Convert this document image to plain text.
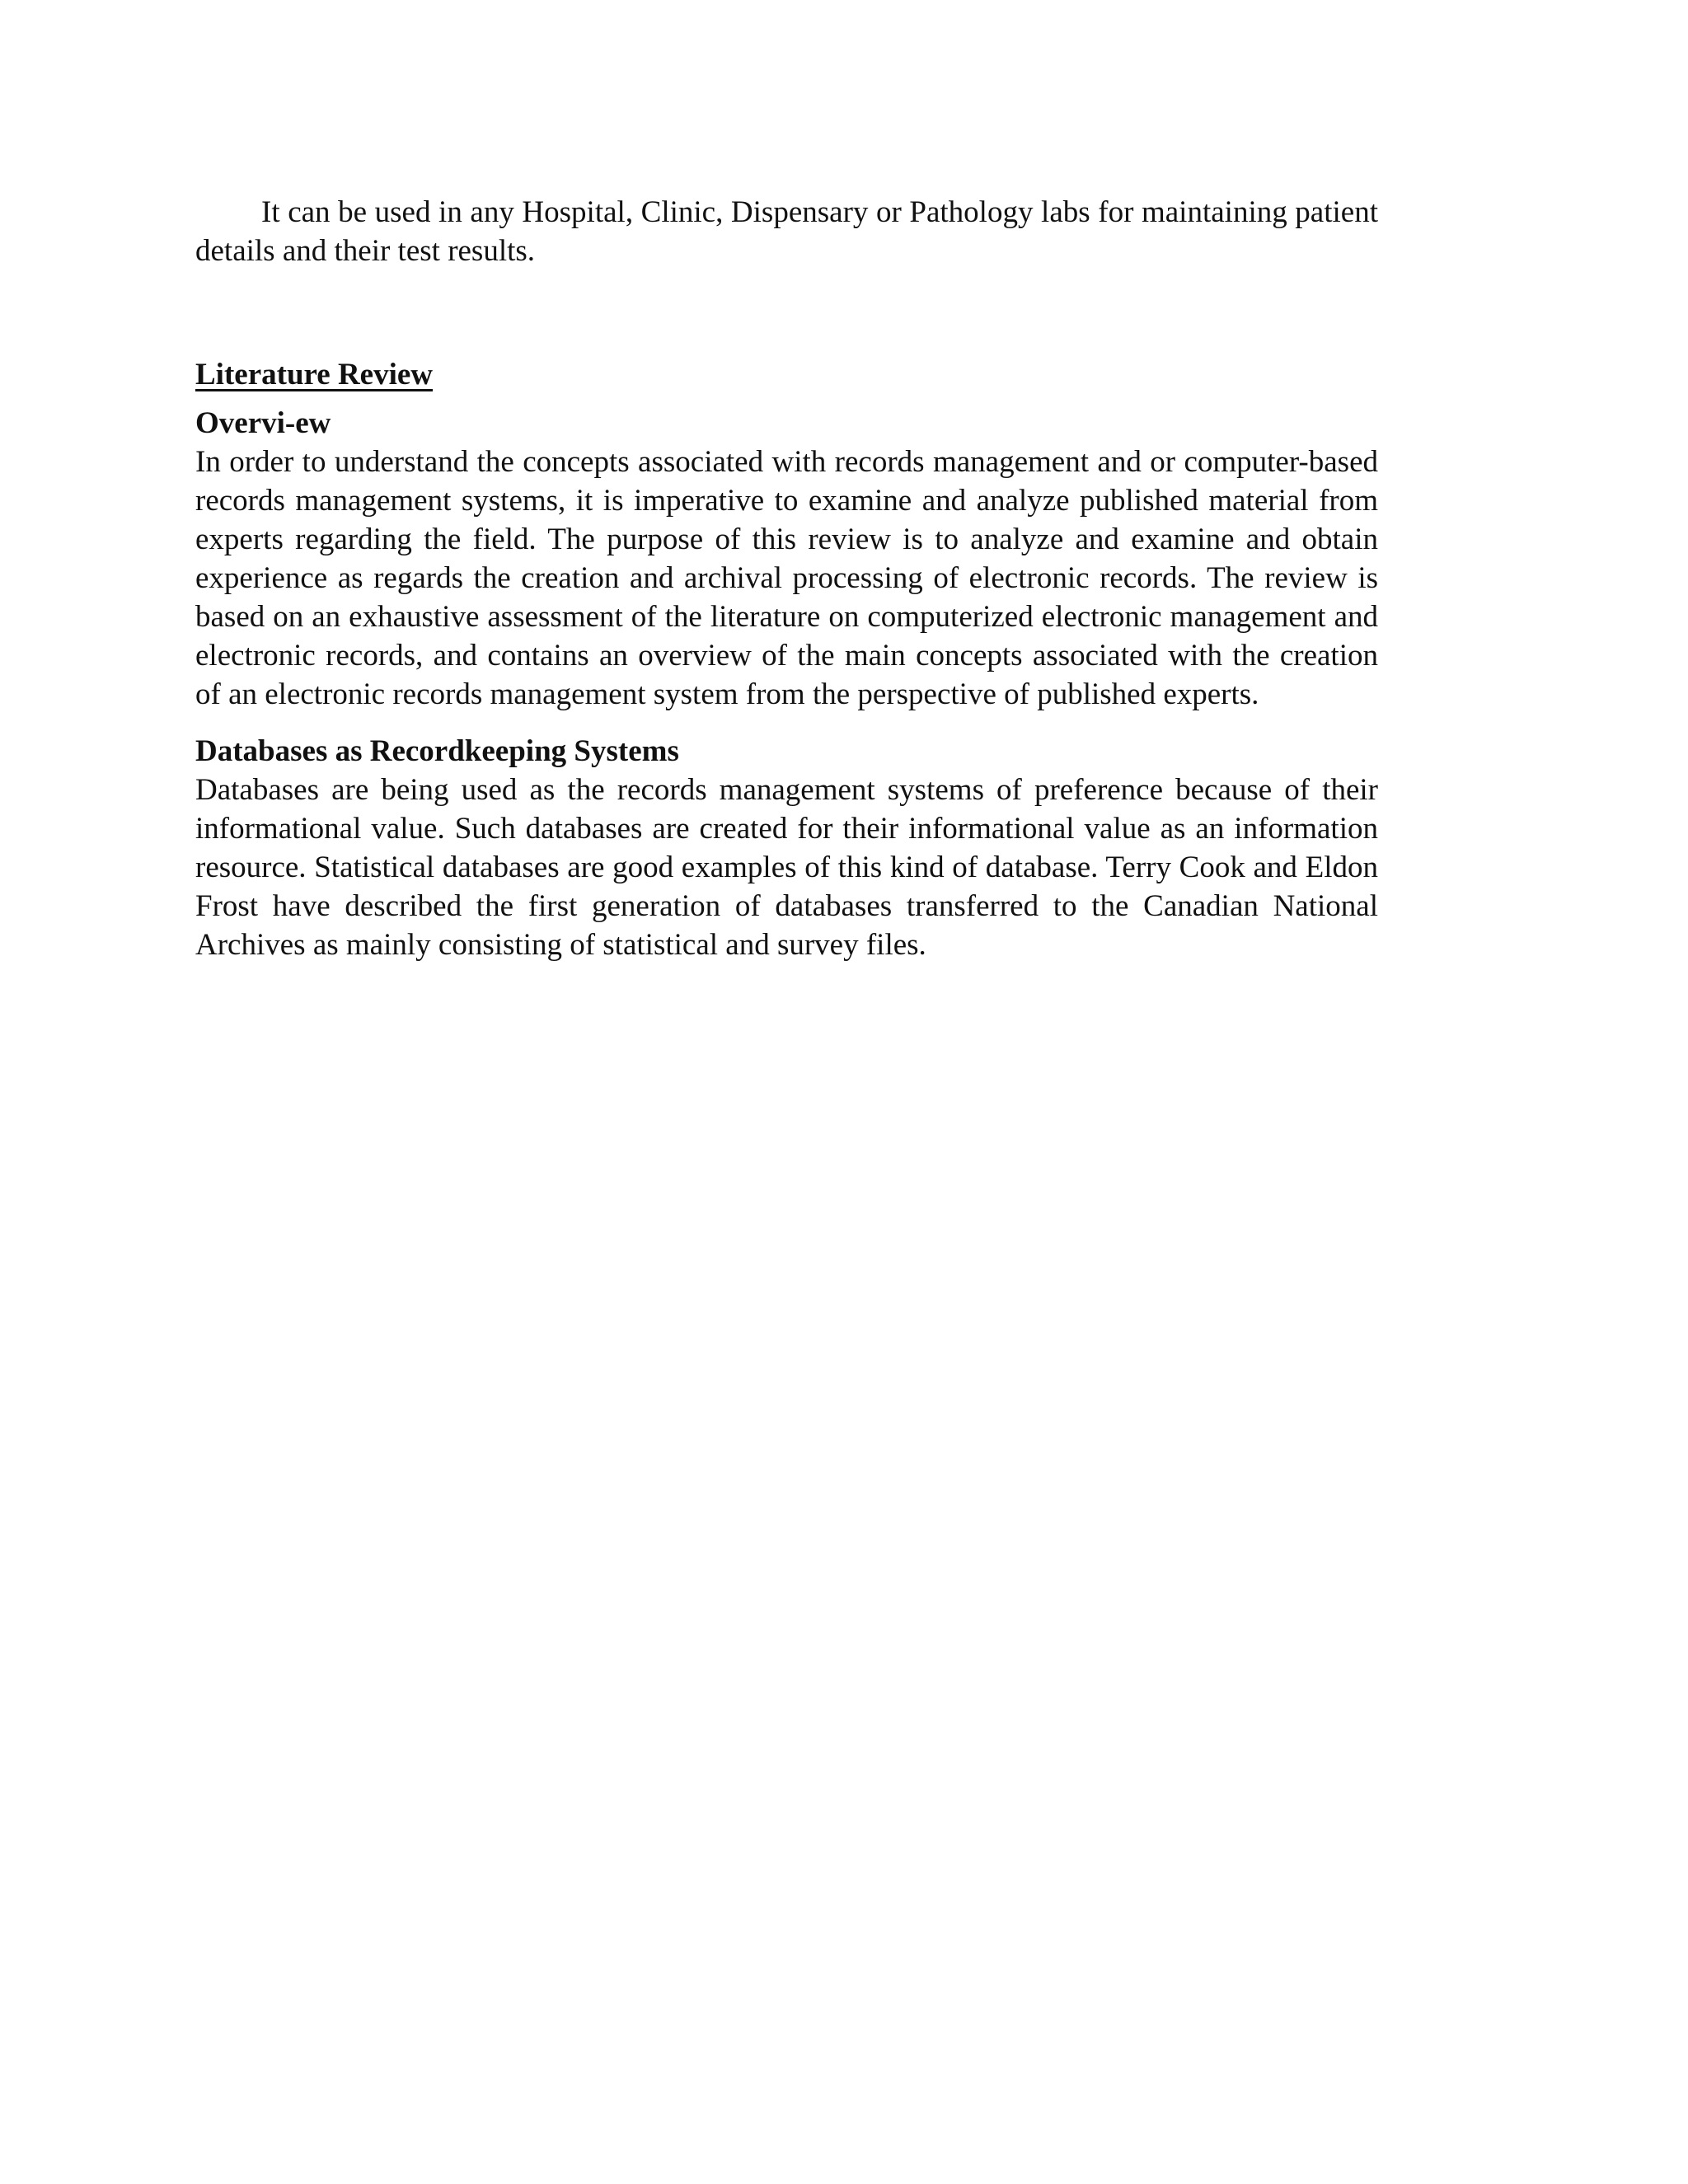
It can be used in any Hospital, Clinic, Dispensary or Pathology labs for maintaining patient details and their test results.

Literature Review
Overvi-ew

In order to understand the concepts associated with records management and or computer-based records management systems, it is imperative to examine and analyze published material from experts regarding the field. The purpose of this review is to analyze and examine and obtain experience as regards the creation and archival processing of electronic records. The review is based on an exhaustive assessment of the literature on computerized electronic management and electronic records, and contains an overview of the main concepts associated with the creation of an electronic records management system from the perspective of published experts.

Databases as Recordkeeping Systems

Databases are being used as the records management systems of preference because of their informational value. Such databases are created for their informational value as an information resource. Statistical databases are good examples of this kind of database. Terry Cook and Eldon Frost have described the first generation of databases transferred to the Canadian National Archives as mainly consisting of statistical and survey files.
